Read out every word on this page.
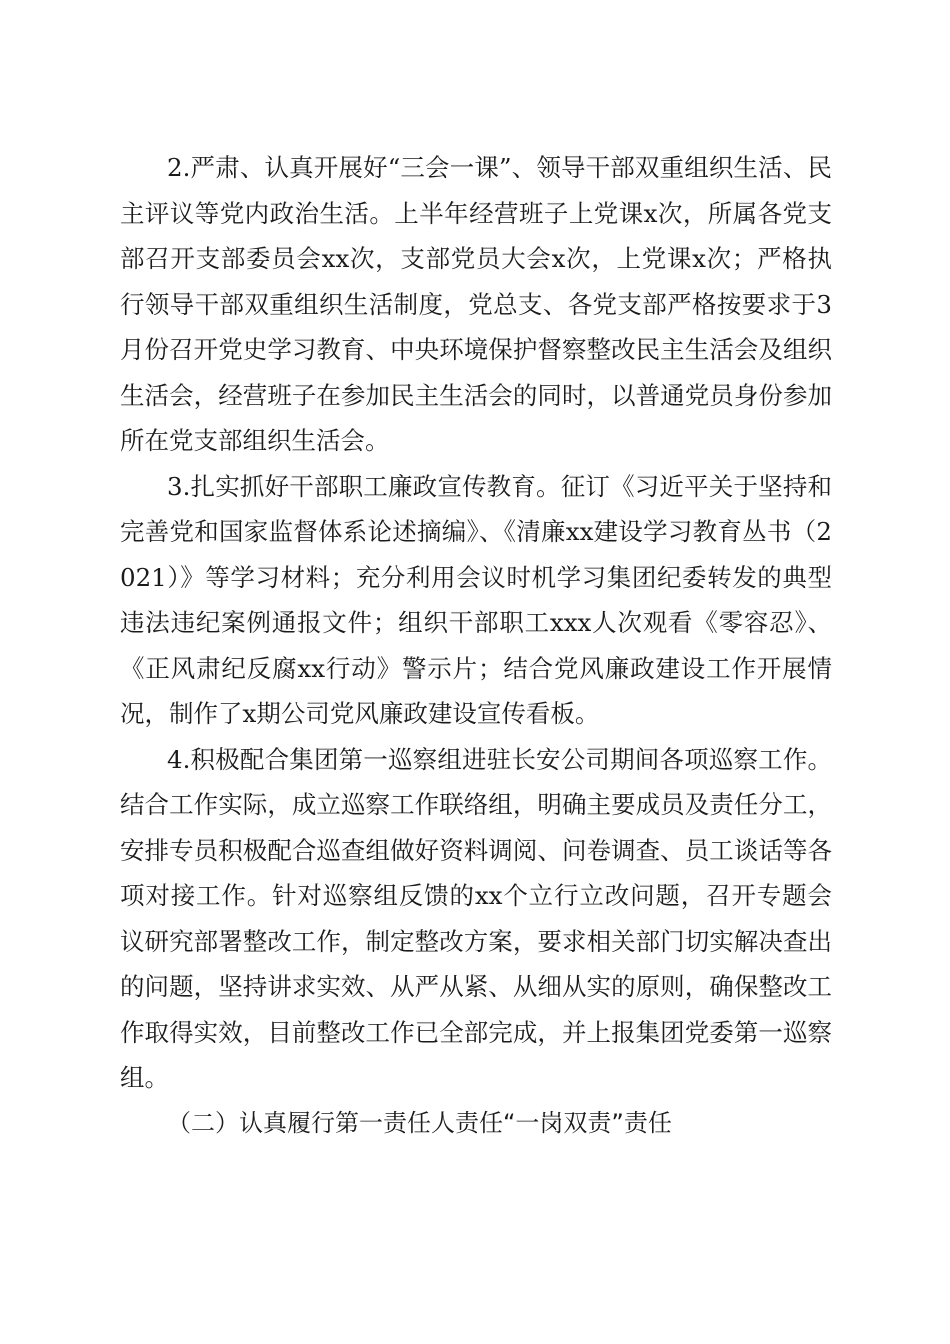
2.严肃、认真开展好“三会一课”、领导干部双重组织生活、民主评议等党内政治生活。上半年经营班子上党课x次，所属各党支部召开支部委员会xx次，支部党员大会x次，上党课x次；严格执行领导干部双重组织生活制度，党总支、各党支部严格按要求于3月份召开党史学习教育、中央环境保护督察整改民主生活会及组织生活会，经营班子在参加民主生活会的同时，以普通党员身份参加所在党支部组织生活会。

3.扎实抓好干部职工廉政宣传教育。征订《习近平关于坚持和完善党和国家监督体系论述摘编》、《清廉xx建设学习教育丛书（2021）》等学习材料；充分利用会议时机学习集团纪委转发的典型违法违纪案例通报文件；组织干部职工xxx人次观看《零容忍》、《正风肃纪反腐xx行动》警示片；结合党风廉政建设工作开展情况，制作了x期公司党风廉政建设宣传看板。

4.积极配合集团第一巡察组进驻长安公司期间各项巡察工作。结合工作实际，成立巡察工作联络组，明确主要成员及责任分工，安排专员积极配合巡查组做好资料调阅、问卷调查、员工谈话等各项对接工作。针对巡察组反馈的xx个立行立改问题，召开专题会议研究部署整改工作，制定整改方案，要求相关部门切实解决查出的问题，坚持讲求实效、从严从紧、从细从实的原则，确保整改工作取得实效，目前整改工作已全部完成，并上报集团党委第一巡察组。

（二）认真履行第一责任人责任“一岗双责”责任
